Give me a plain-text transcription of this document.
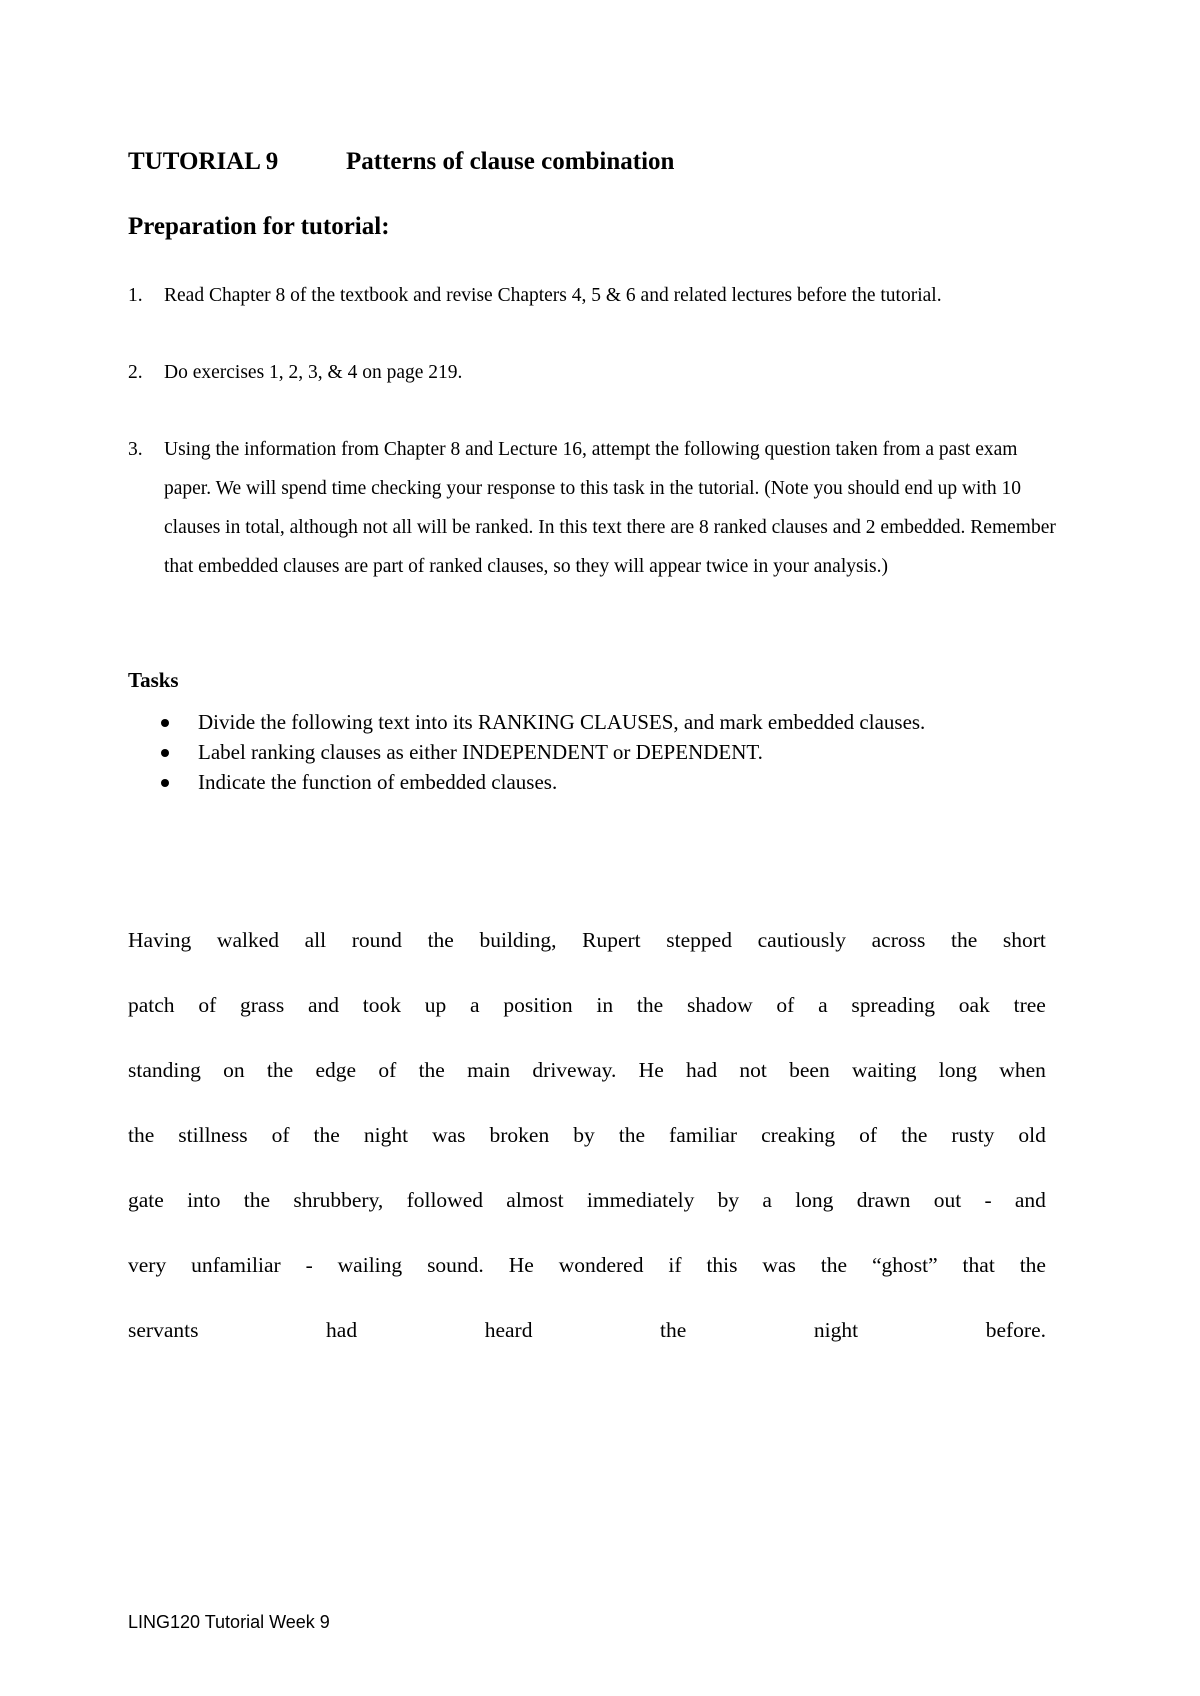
TUTORIAL 9	Patterns of clause combination
Preparation for tutorial:
1. Read Chapter 8 of the textbook and revise Chapters 4, 5 & 6 and related lectures before the tutorial.
2. Do exercises 1, 2, 3, & 4 on page 219.
3. Using the information from Chapter 8 and Lecture 16, attempt the following question taken from a past exam paper. We will spend time checking your response to this task in the tutorial. (Note you should end up with 10 clauses in total, although not all will be ranked. In this text there are 8 ranked clauses and 2 embedded. Remember that embedded clauses are part of ranked clauses, so they will appear twice in your analysis.)
Tasks
Divide the following text into its RANKING CLAUSES, and mark embedded clauses.
Label ranking clauses as either INDEPENDENT or DEPENDENT.
Indicate the function of embedded clauses.
Having walked all round the building, Rupert stepped cautiously across the short
patch of grass and took up a position in the shadow of a spreading oak tree
standing on the edge of the main driveway. He had not been waiting long when
the stillness of the night was broken by the familiar creaking of the rusty old
gate into the shrubbery, followed almost immediately by a long drawn out - and
very unfamiliar - wailing sound. He wondered if this was the “ghost” that the
servants had heard the night before.
LING120 Tutorial Week 9
